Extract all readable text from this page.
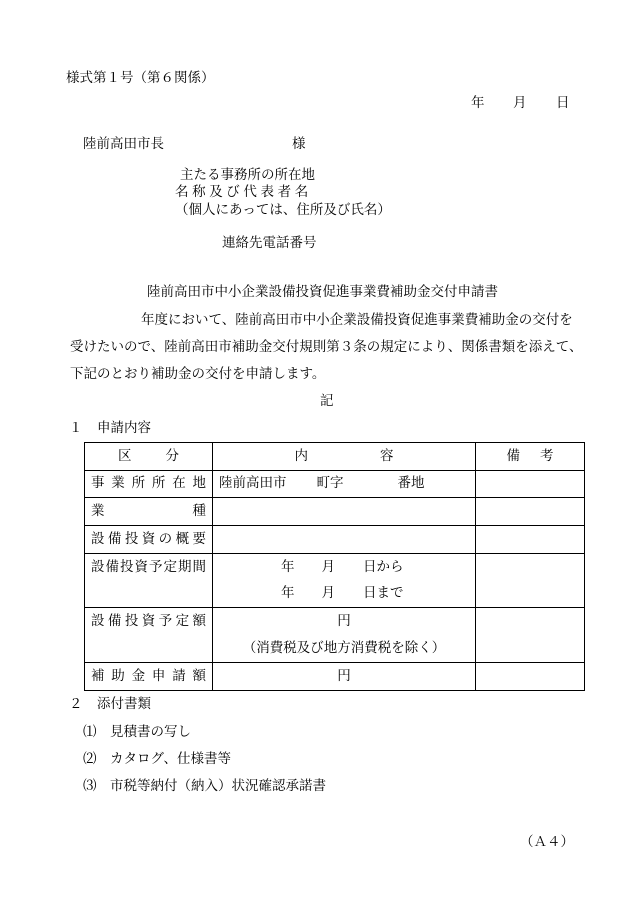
様式第１号（第６関係）
年 月 日
陸前高田市長	様
主たる事務所の所在地
名称及び代表者名
（個人にあっては、住所及び氏名）
連絡先電話番号
陸前高田市中小企業設備投資促進事業費補助金交付申請書
年度において、陸前高田市中小企業設備投資促進事業費補助金の交付を
受けたいので、陸前高田市補助金交付規則第３条の規定により、関係書類を添えて、
下記のとおり補助金の交付を申請します。
記
１ 申請内容
区 分	内 容	備 考
事業所所在地	陸前高田市 町字 番地	
業 種		

設備投資の概要		

設備投資予定期間	年 月 日から
年 月 日まで	

設備投資予定額	円
（消費税及び地方消費税を除く）	

補助金申請額	円	
２ 添付書類
⑴ 見積書の写し
⑵ カタログ、仕様書等
⑶ 市税等納付（納入）状況確認承諾書
（Ａ４）
